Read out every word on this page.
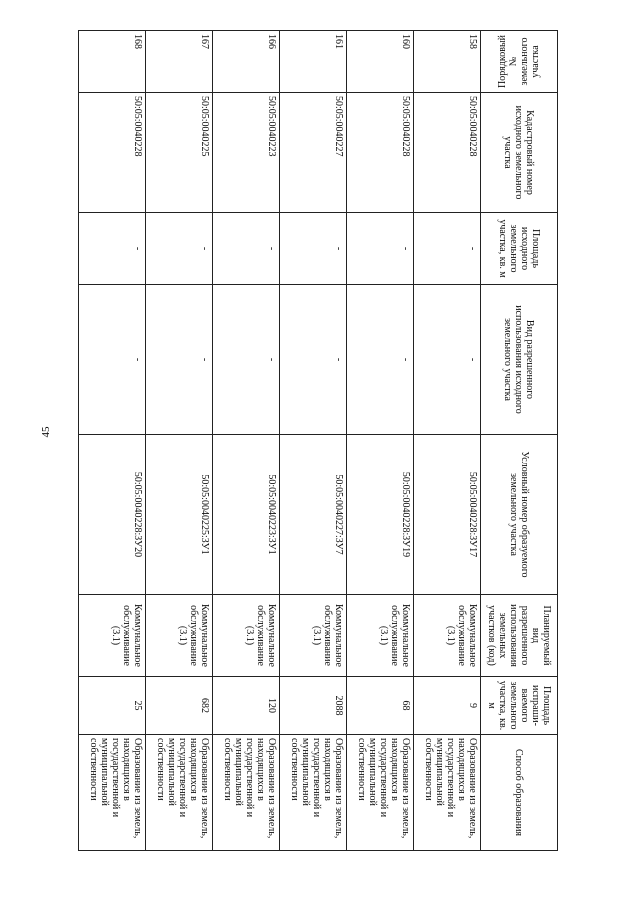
45
Порядковый № земельного участка	Кадастровый номер исходного земельного участка	Площадь исходного земельного участка, кв. м	Вид разрешенного использования исходного земельного участка	Условный номер образуемого земельного участка	Планируемый вид разрешенного использования земельных участков (код)	Площадь испраши-ваемого земельного участка, кв. м	Способ образования
158	50:05:0040228	-	-	50:05:0040228:ЗУ17	Коммунальное обслуживание (3.1)	9	Образование из земель, находящихся в государственной и муниципальной собственности
160	50:05:0040228	-	-	50:05:0040228:ЗУ19	Коммунальное обслуживание (3.1)	68	Образование из земель, находящихся в государственной и муниципальной собственности
161	50:05:0040227	-	-	50:05:0040227:ЗУ7	Коммунальное обслуживание (3.1)	2088	Образование из земель, находящихся в государственной и муниципальной собственности
166	50:05:0040223	-	-	50:05:0040223:ЗУ1	Коммунальное обслуживание (3.1)	120	Образование из земель, находящихся в государственной и муниципальной собственности
167	50:05:0040225	-	-	50:05:0040225:ЗУ1	Коммунальное обслуживание (3.1)	682	Образование из земель, находящихся в государственной и муниципальной собственности
168	50:05:0040228	-	-	50:05:0040228:ЗУ20	Коммунальное обслуживание (3.1)	25	Образование из земель, находящихся в государственной и муниципальной собственности
